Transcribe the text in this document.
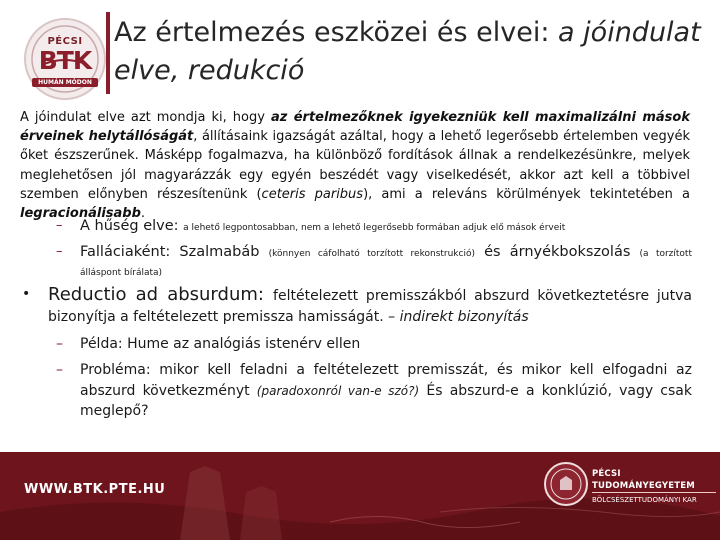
PÉCSI
BTK
HUMÁN MÓDON
Az értelmezés eszközei és elvei: a jóindulat elve, redukció

A jóindulat elve azt mondja ki, hogy az értelmezőknek igyekezniük kell maximalizálni mások érveinek helytállóságát, állításaink igazságát azáltal, hogy a lehető legerősebb értelemben vegyék őket észszerűnek. Másképp fogalmazva, ha különböző fordítások állnak a rendelkezésünkre, melyek meglehetősen jól magyarázzák egy egyén beszédét vagy viselkedését, akkor azt kell a többivel szemben előnyben részesítenünk (ceteris paribus), ami a releváns körülmények tekintetében a legracionálisabb.

– A hűség elve: a lehető legpontosabban, nem a lehető legerősebb formában adjuk elő mások érveit
– Falláciaként: Szalmabáb (könnyen cáfolható torzított rekonstrukció) és árnyékbokszolás (a torzított álláspont bírálata)
• Reductio ad absurdum: feltételezett premisszákból abszurd következtetésre jutva bizonyítja a feltételezett premissza hamisságát. – indirekt bizonyítás
– Példa: Hume az analógiás istenérv ellen
– Probléma: mikor kell feladni a feltételezett premisszát, és mikor kell elfogadni az abszurd következményt (paradoxonról van-e szó?) És abszurd-e a konklúzió, vagy csak meglepő?
WWW.BTK.PTE.HU
PÉCSI TUDOMÁNYEGYETEM
BÖLCSÉSZETTUDOMÁNYI KAR
